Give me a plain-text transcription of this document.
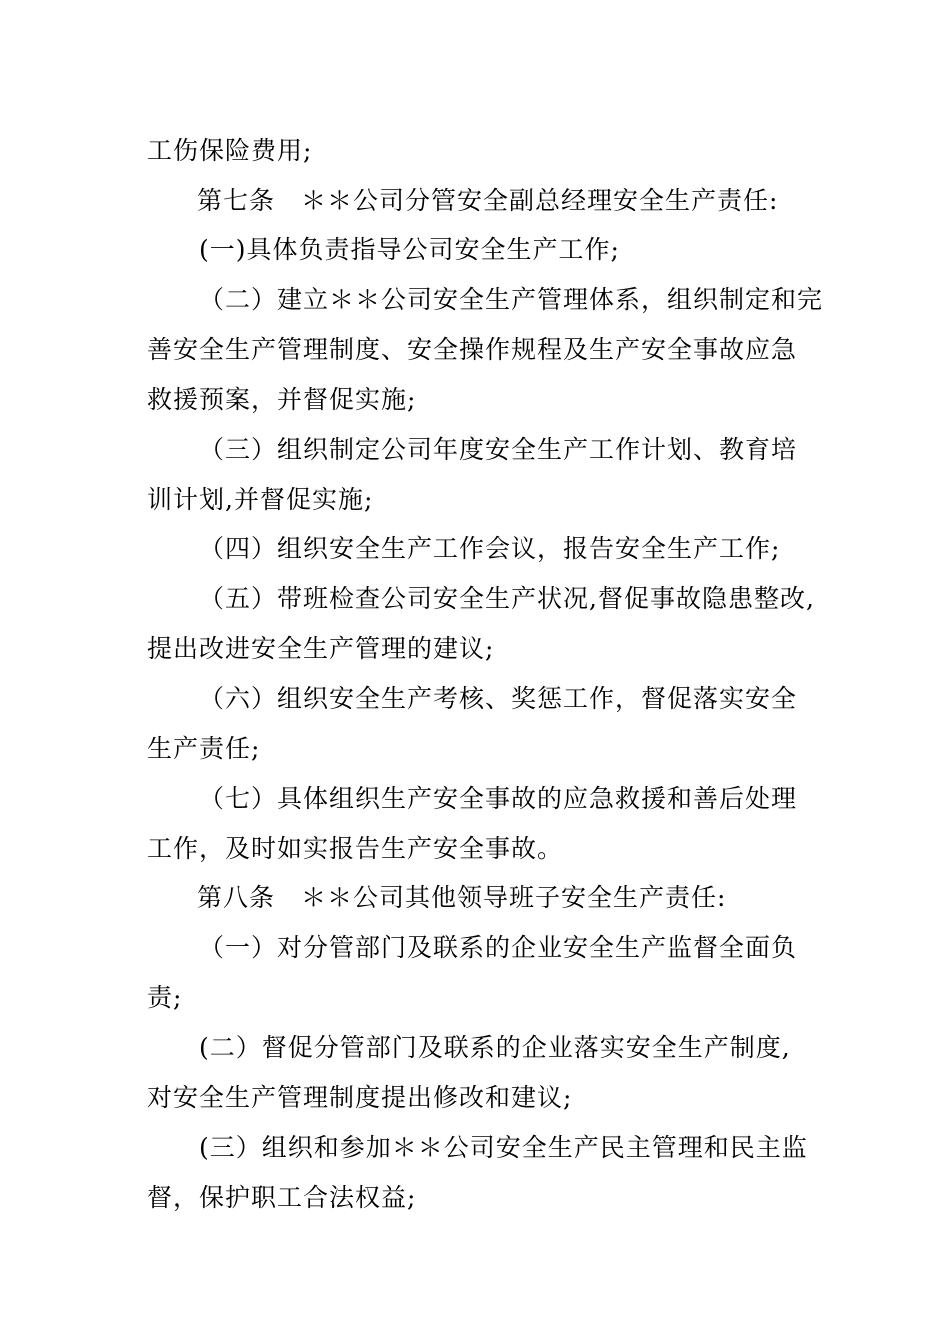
工伤保险费用;
第七条　＊＊公司分管安全副总经理安全生产责任:
(一)具体负责指导公司安全生产工作;
（二）建立＊＊公司安全生产管理体系，组织制定和完
善安全生产管理制度、安全操作规程及生产安全事故应急
救援预案，并督促实施;
（三）组织制定公司年度安全生产工作计划、教育培
训计划,并督促实施;
（四）组织安全生产工作会议，报告安全生产工作;
（五）带班检查公司安全生产状况,督促事故隐患整改,
提出改进安全生产管理的建议;
（六）组织安全生产考核、奖惩工作，督促落实安全
生产责任;
（七）具体组织生产安全事故的应急救援和善后处理
工作，及时如实报告生产安全事故。
第八条　＊＊公司其他领导班子安全生产责任:
（一）对分管部门及联系的企业安全生产监督全面负
责;
(二）督促分管部门及联系的企业落实安全生产制度,
对安全生产管理制度提出修改和建议;
(三）组织和参加＊＊公司安全生产民主管理和民主监
督，保护职工合法权益;
